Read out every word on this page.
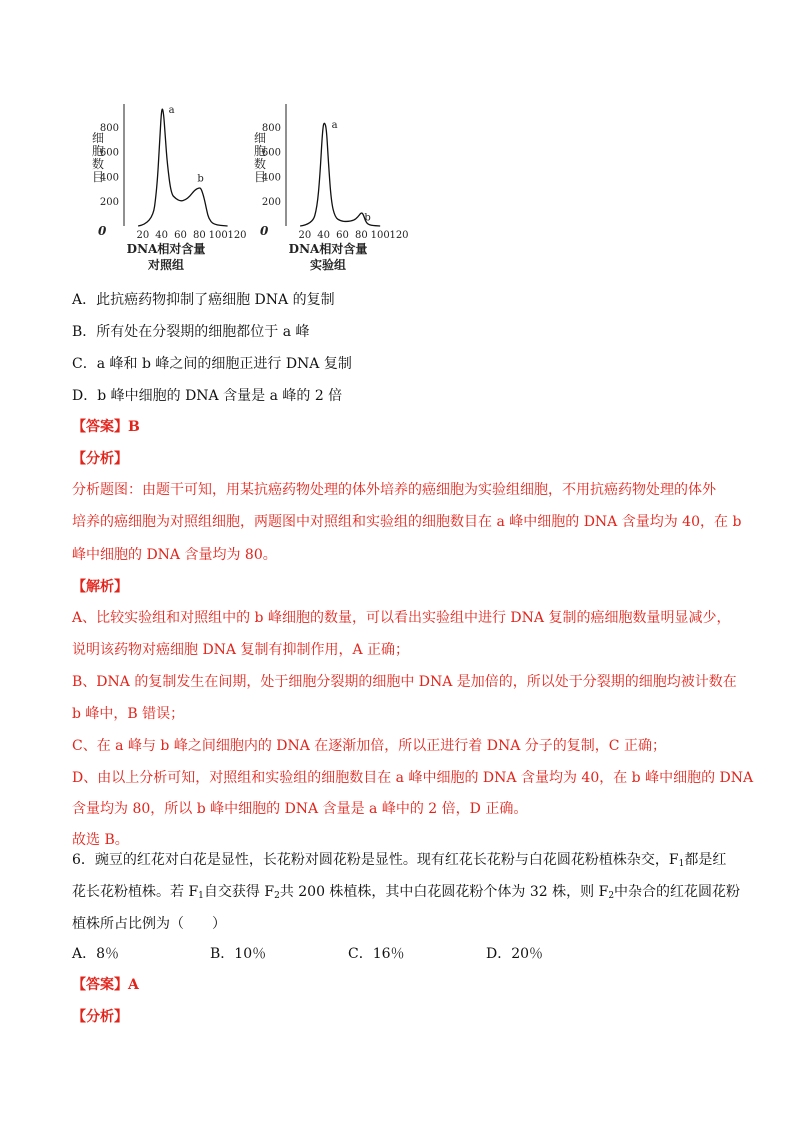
200
400
600
800
0	20 40 60 80 100 120
细
胞
数
目
DNA相对含量
对照组
a
b
200
400
600
800
0	20 40 60 80 100 120
细
胞
数
目
DNA相对含量
实验组
a
b
A．此抗癌药物抑制了癌细胞 DNA 的复制
B．所有处在分裂期的细胞都位于 a 峰
C．a 峰和 b 峰之间的细胞正进行 DNA 复制
D．b 峰中细胞的 DNA 含量是 a 峰的 2 倍
【答案】B
【分析】
分析题图：由题干可知，用某抗癌药物处理的体外培养的癌细胞为实验组细胞，不用抗癌药物处理的体外
培养的癌细胞为对照组细胞，两题图中对照组和实验组的细胞数目在 a 峰中细胞的 DNA 含量均为 40，在 b
峰中细胞的 DNA 含量均为 80。
【解析】
A、比较实验组和对照组中的 b 峰细胞的数量，可以看出实验组中进行 DNA 复制的癌细胞数量明显减少，
说明该药物对癌细胞 DNA 复制有抑制作用，A 正确；
B、DNA 的复制发生在间期，处于细胞分裂期的细胞中 DNA 是加倍的，所以处于分裂期的细胞均被计数在
b 峰中，B 错误；
C、在 a 峰与 b 峰之间细胞内的 DNA 在逐渐加倍，所以正进行着 DNA 分子的复制，C 正确；
D、由以上分析可知，对照组和实验组的细胞数目在 a 峰中细胞的 DNA 含量均为 40，在 b 峰中细胞的 DNA
含量均为 80，所以 b 峰中细胞的 DNA 含量是 a 峰中的 2 倍，D 正确。
故选 B。
6．豌豆的红花对白花是显性，长花粉对圆花粉是显性。现有红花长花粉与白花圆花粉植株杂交，$F_1$都是红
花长花粉植株。若 $F_1$自交获得 $F_2$共 200 株植株，其中白花圆花粉个体为 32 株，则 $F_2$中杂合的红花圆花粉
植株所占比例为（　　）
A．8％	B．10％	C．16％	D．20％
【答案】A
【分析】
